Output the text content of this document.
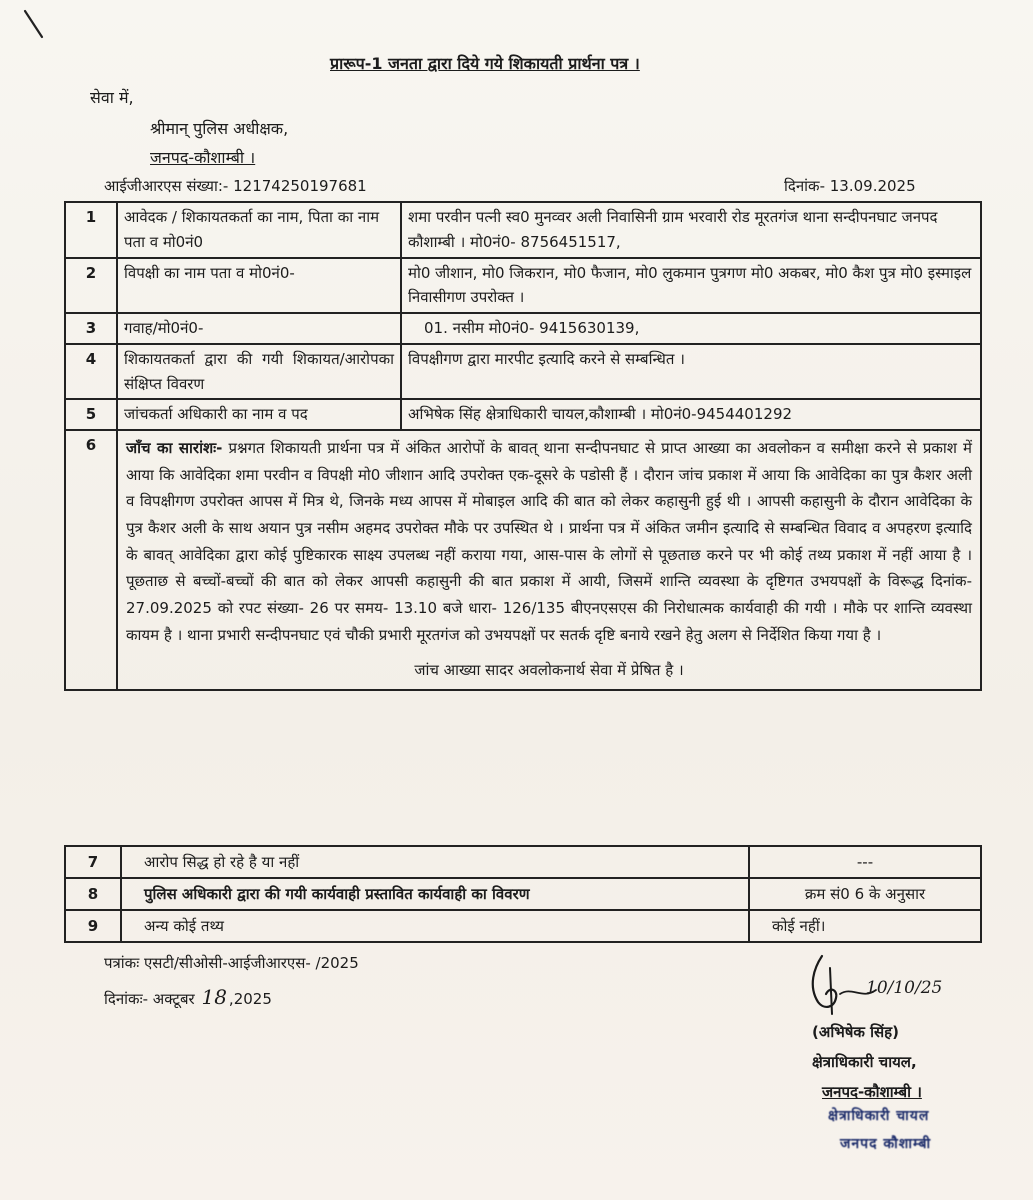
प्रारूप-1 जनता द्वारा दिये गये शिकायती प्रार्थना पत्र ।
सेवा में,
श्रीमान् पुलिस अधीक्षक,
जनपद-कौशाम्बी ।
आईजीआरएस संख्या:- 12174250197681	दिनांक- 13.09.2025
1	आवेदक / शिकायतकर्ता का नाम, पिता का नाम पता व मो0नं0	शमा परवीन पत्नी स्व0 मुनव्वर अली निवासिनी ग्राम भरवारी रोड मूरतगंज थाना सन्दीपनघाट जनपद कौशाम्बी । मो0नं0- 8756451517,
2	विपक्षी का नाम पता व मो0नं0-	मो0 जीशान, मो0 जिकरान, मो0 फैजान, मो0 लुकमान पुत्रगण मो0 अकबर, मो0 कैश पुत्र मो0 इस्माइल निवासीगण उपरोक्त ।
3	गवाह/मो0नं0-	01. नसीम मो0नं0- 9415630139,
4	शिकायतकर्ता द्वारा की गयी शिकायत/आरोपका संक्षिप्त विवरण	विपक्षीगण द्वारा मारपीट इत्यादि करने से सम्बन्धित ।
5	जांचकर्ता अधिकारी का नाम व पद	अभिषेक सिंह क्षेत्राधिकारी चायल,कौशाम्बी । मो0नं0-9454401292
6	जाँच का सारांशः- प्रश्नगत शिकायती प्रार्थना पत्र में अंकित आरोपों के बावत् थाना सन्दीपनघाट से प्राप्त आख्या का अवलोकन व समीक्षा करने से प्रकाश में आया कि आवेदिका शमा परवीन व विपक्षी मो0 जीशान आदि उपरोक्त एक-दूसरे के पडोसी हैं । दौरान जांच प्रकाश में आया कि आवेदिका का पुत्र कैशर अली व विपक्षीगण उपरोक्त आपस में मित्र थे, जिनके मध्य आपस में मोबाइल आदि की बात को लेकर कहासुनी हुई थी । आपसी कहासुनी के दौरान आवेदिका के पुत्र कैशर अली के साथ अयान पुत्र नसीम अहमद उपरोक्त मौके पर उपस्थित थे । प्रार्थना पत्र में अंकित जमीन इत्यादि से सम्बन्धित विवाद व अपहरण इत्यादि के बावत् आवेदिका द्वारा कोई पुष्टिकारक साक्ष्य उपलब्ध नहीं कराया गया, आस-पास के लोगों से पूछताछ करने पर भी कोई तथ्य प्रकाश में नहीं आया है । पूछताछ से बच्चों-बच्चों की बात को लेकर आपसी कहासुनी की बात प्रकाश में आयी, जिसमें शान्ति व्यवस्था के दृष्टिगत उभयपक्षों के विरूद्ध दिनांक- 27.09.2025 को रपट संख्या- 26 पर समय- 13.10 बजे धारा- 126/135 बीएनएसएस की निरोधात्मक कार्यवाही की गयी । मौके पर शान्ति व्यवस्था कायम है । थाना प्रभारी सन्दीपनघाट एवं चौकी प्रभारी मूरतगंज को उभयपक्षों पर सतर्क दृष्टि बनाये रखने हेतु अलग से निर्देशित किया गया है ।
जांच आख्या सादर अवलोकनार्थ सेवा में प्रेषित है ।	
7	आरोप सिद्ध हो रहे है या नहीं	---
8	पुलिस अधिकारी द्वारा की गयी कार्यवाही प्रस्तावित कार्यवाही का विवरण	क्रम सं0 6 के अनुसार
9	अन्य कोई तथ्य	कोई नहीं।
पत्रांकः एसटी/सीओसी-आईजीआरएस- /2025
दिनांकः- अक्टूबर 18 ,2025
10/10/25
(अभिषेक सिंह)
क्षेत्राधिकारी चायल,
जनपद-कौशाम्बी ।
क्षेत्राधिकारी चायल
जनपद कौशाम्बी
